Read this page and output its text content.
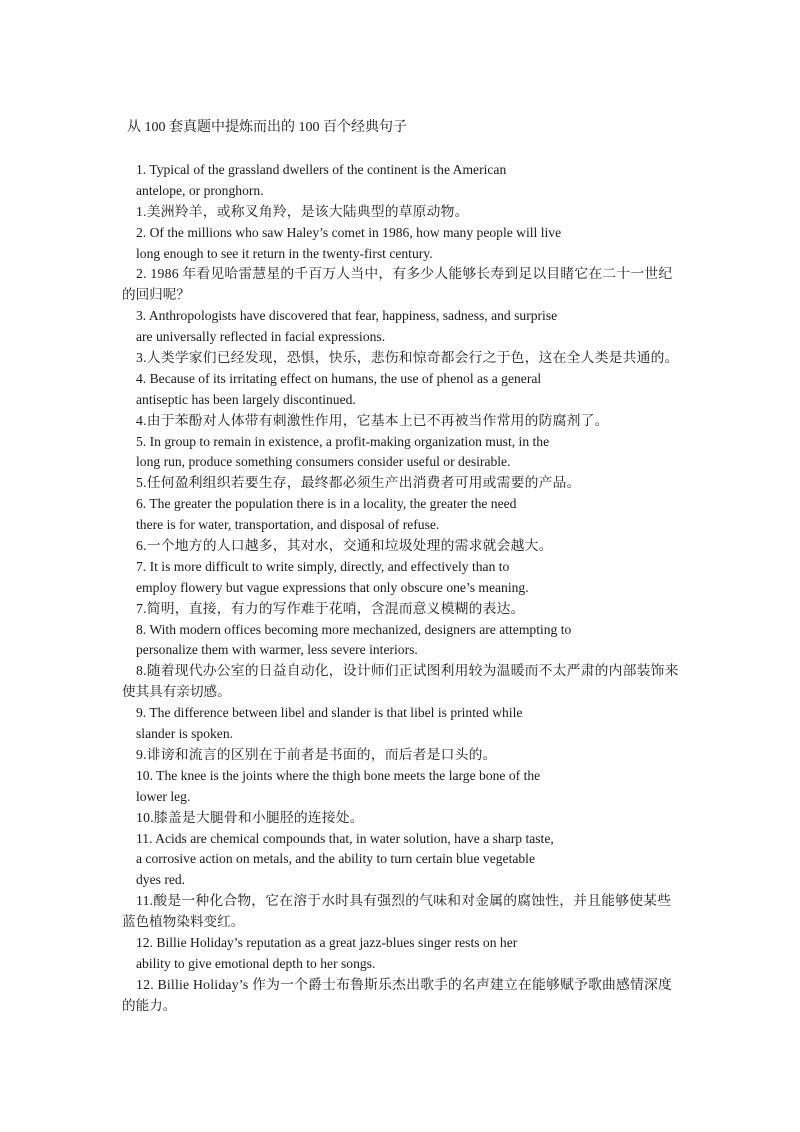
从 100 套真题中提炼而出的 100 百个经典句子
1. Typical of the grassland dwellers of the continent is the American
antelope, or pronghorn.
1.美洲羚羊，或称叉角羚，是该大陆典型的草原动物。
2. Of the millions who saw Haley’s comet in 1986, how many people will live
long enough to see it return in the twenty-first century.
2. 1986 年看见哈雷慧星的千百万人当中，有多少人能够长寿到足以目睹它在二十一世纪
的回归呢？
3. Anthropologists have discovered that fear, happiness, sadness, and surprise
are universally reflected in facial expressions.
3.人类学家们已经发现，恐惧，快乐，悲伤和惊奇都会行之于色，这在全人类是共通的。
4. Because of its irritating effect on humans, the use of phenol as a general
antiseptic has been largely discontinued.
4.由于苯酚对人体带有刺激性作用，它基本上已不再被当作常用的防腐剂了。
5. In group to remain in existence, a profit-making organization must, in the
long run, produce something consumers consider useful or desirable.
5.任何盈利组织若要生存，最终都必须生产出消费者可用或需要的产品。
6. The greater the population there is in a locality, the greater the need
there is for water, transportation, and disposal of refuse.
6.一个地方的人口越多，其对水，交通和垃圾处理的需求就会越大。
7. It is more difficult to write simply, directly, and effectively than to
employ flowery but vague expressions that only obscure one’s meaning.
7.简明，直接，有力的写作难于花哨，含混而意义模糊的表达。
8. With modern offices becoming more mechanized, designers are attempting to
personalize them with warmer, less severe interiors.
8.随着现代办公室的日益自动化，设计师们正试图利用较为温暖而不太严肃的内部装饰来
使其具有亲切感。
9. The difference between libel and slander is that libel is printed while
slander is spoken.
9.诽谤和流言的区别在于前者是书面的，而后者是口头的。
10. The knee is the joints where the thigh bone meets the large bone of the
lower leg.
10.膝盖是大腿骨和小腿胫的连接处。
11. Acids are chemical compounds that, in water solution, have a sharp taste,
a corrosive action on metals, and the ability to turn certain blue vegetable
dyes red.
11.酸是一种化合物，它在溶于水时具有强烈的气味和对金属的腐蚀性，并且能够使某些
蓝色植物染料变红。
12. Billie Holiday’s reputation as a great jazz-blues singer rests on her
ability to give emotional depth to her songs.
12. Billie Holiday’s 作为一个爵士布鲁斯乐杰出歌手的名声建立在能够赋予歌曲感情深度
的能力。
